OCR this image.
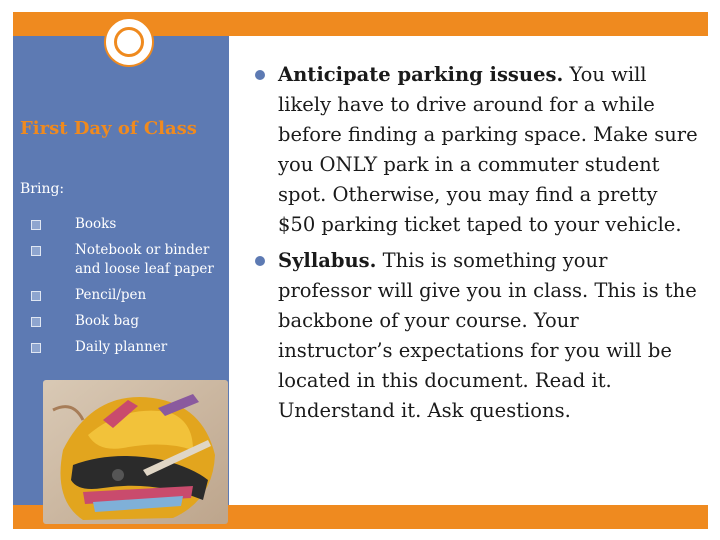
First Day of Class
Bring:
Books
Notebook or binder and loose leaf paper
Pencil/pen
Book bag
Daily planner
Anticipate parking issues. You will likely have to drive around for a while before finding a parking space. Make sure you ONLY park in a commuter student spot. Otherwise, you may find a pretty $50 parking ticket taped to your vehicle.
Syllabus. This is something your professor will give you in class. This is the backbone of your course. Your instructor’s expectations for you will be located in this document. Read it. Understand it. Ask questions.
